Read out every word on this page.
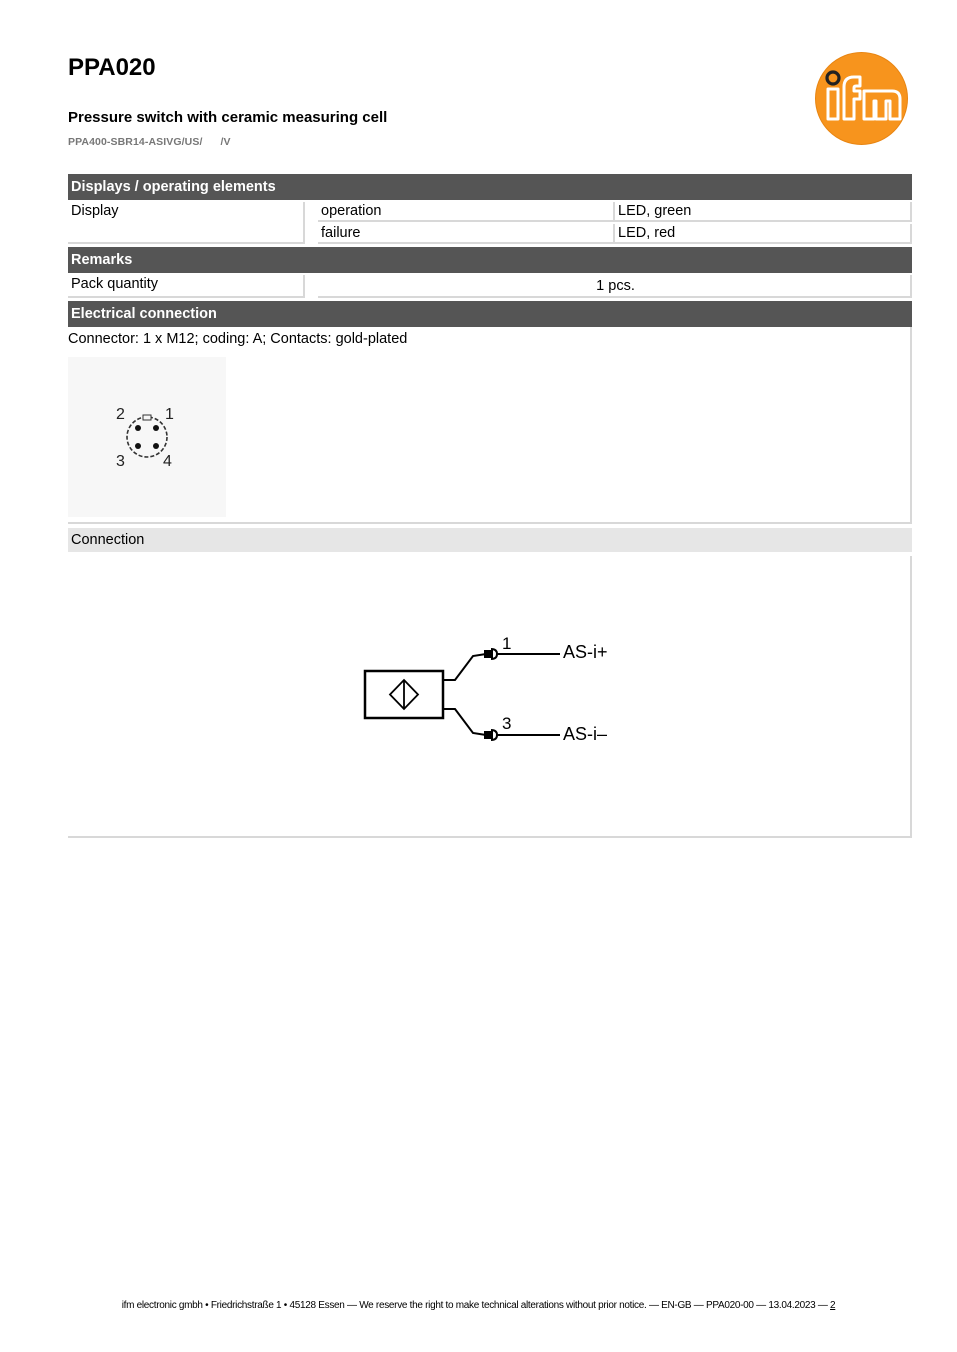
PPA020
Pressure switch with ceramic measuring cell
PPA400-SBR14-ASIVG/US/ /V
Displays / operating elements
Display	operation	LED, green
failure	LED, red
Remarks
Pack quantity	1 pcs.
Electrical connection
Connector: 1 x M12; coding: A; Contacts: gold-plated
2	1
3 4
Connection
1
3
AS-i+
AS-i–
ifm electronic gmbh • Friedrichstraße 1 • 45128 Essen — We reserve the right to make technical alterations without prior notice. — EN-GB — PPA020-00 — 13.04.2023 — 2
